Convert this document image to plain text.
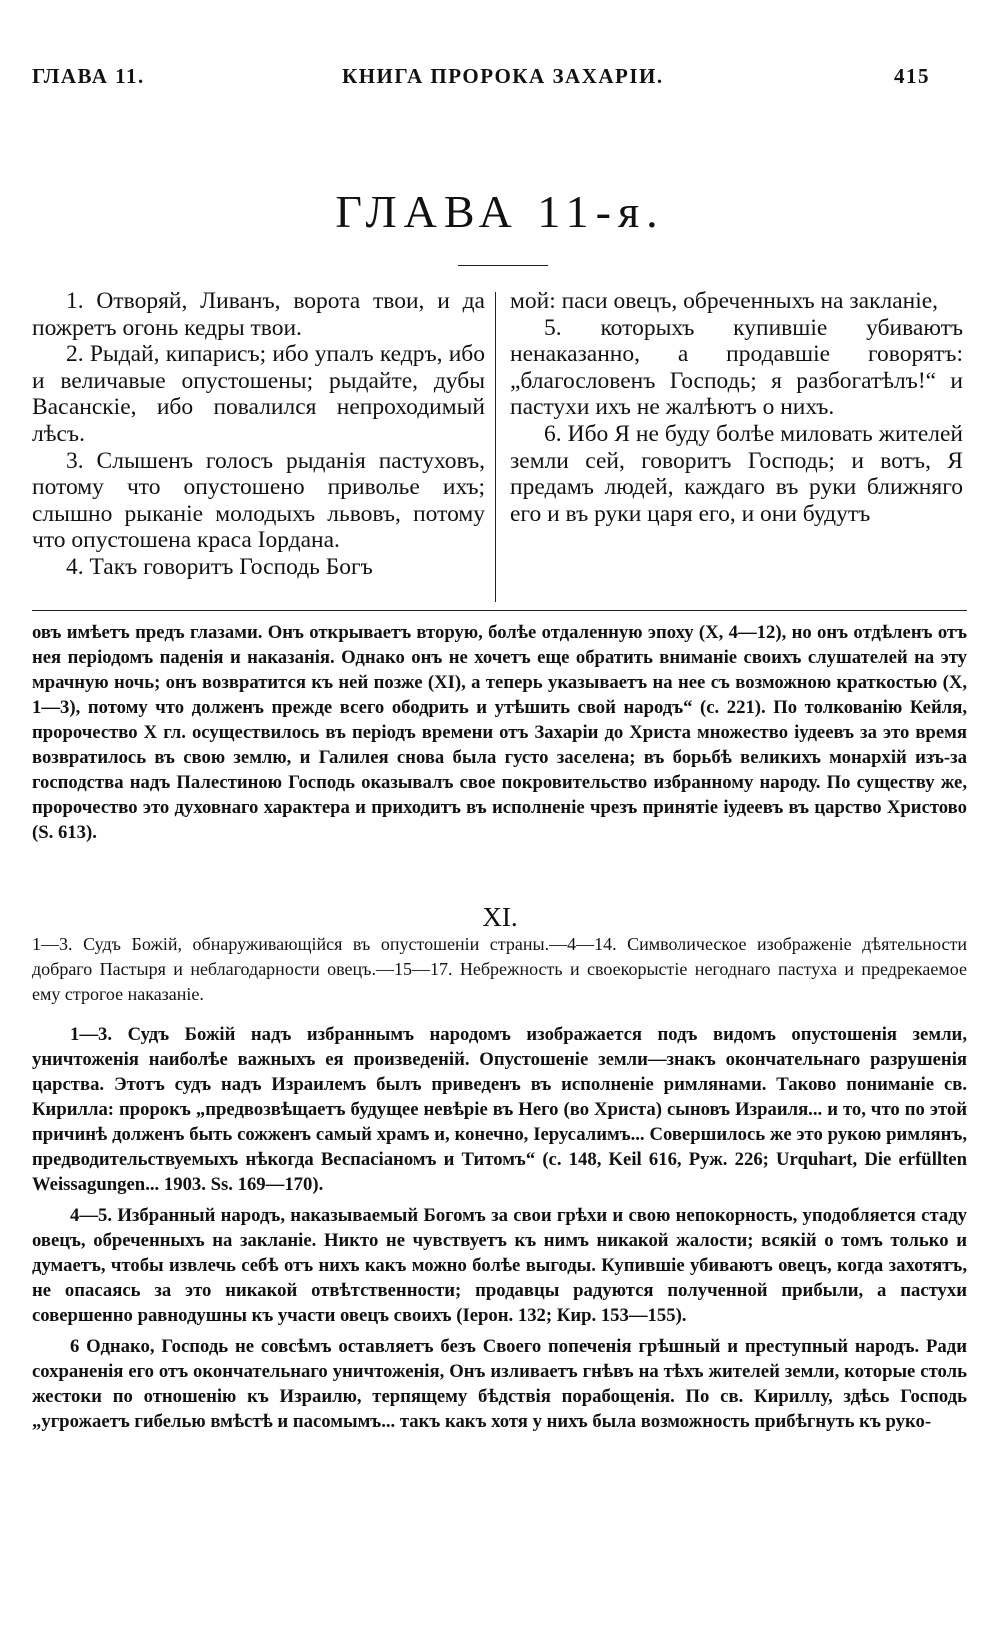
ГЛАВА 11.	КНИГА ПРОРОКА ЗАХАРIИ.	415
ГЛАВА 11-я.

1. Отворяй, Ливанъ, ворота твои, и да пожретъ огонь кедры твои.

2. Рыдай, кипарисъ; ибо упалъ кедръ, ибо и величавые опустошены; рыдайте, дубы Васанскiе, ибо повалился непроходимый лѣсъ.

3. Слышенъ голосъ рыданiя пастуховъ, потому что опустошено приволье ихъ; слышно рыканiе молодыхъ львовъ, потому что опустошена краса Iордана.

4. Такъ говоритъ Господь Богъ

мой: паси овецъ, обреченныхъ на закланiе,

5. которыхъ купившiе убиваютъ ненаказанно, а продавшiе говорятъ: „благословенъ Господь; я разбогатѣлъ!“ и пастухи ихъ не жалѣютъ о нихъ.

6. Ибо Я не буду болѣе миловать жителей земли сей, говоритъ Господь; и вотъ, Я предамъ людей, каждаго въ руки ближняго его и въ руки царя его, и они будутъ

овъ имѣетъ предъ глазами. Онъ открываетъ вторую, болѣе отдаленную эпоху (X, 4—12), но онъ отдѣленъ отъ нея перiодомъ паденiя и наказанiя. Однако онъ не хочетъ еще обратить вниманiе своихъ слушателей на эту мрачную ночь; онъ возвратится къ ней позже (XI), а теперь указываетъ на нее съ возможною краткостью (X, 1—3), потому что долженъ прежде всего ободрить и утѣшить свой народъ“ (с. 221). По толкованiю Кейля, пророчество X гл. осуществилось въ перiодъ времени отъ Захарiи до Христа множество iудеевъ за это время возвратилось въ свою землю, и Галилея снова была густо заселена; въ борьбѣ великихъ монархiй изъ-за господства надъ Палестиною Господь оказывалъ свое покровительство избранному народу. По существу же, пророчество это духовнаго характера и приходитъ въ исполненiе чрезъ принятiе iудеевъ въ царство Христово (S. 613).

XI.

1—3. Судъ Божiй, обнаруживающiйся въ опустошенiи страны.—4—14. Символическое изображенiе дѣятельности добраго Пастыря и неблагодарности овецъ.—15—17. Небрежность и своекорыстiе негоднаго пастуха и предрекаемое ему строгое наказанiе.

1—3. Судъ Божiй надъ избраннымъ народомъ изображается подъ видомъ опустошенiя земли, уничтоженiя наиболѣе важныхъ ея произведенiй. Опустошенiе земли—знакъ окончательнаго разрушенiя царства. Этотъ судъ надъ Израилемъ былъ приведенъ въ исполненiе римлянами. Таково пониманiе св. Кирилла: пророкъ „предвозвѣщаетъ будущее невѣрiе въ Него (во Христа) сыновъ Израиля... и то, что по этой причинѣ долженъ быть сожженъ самый храмъ и, конечно, Iерусалимъ... Совершилось же это рукою римлянъ, предводительствуемыхъ нѣкогда Веспасiаномъ и Титомъ“ (с. 148, Keil 616, Руж. 226; Urquhart, Die erfüllten Weissagungen... 1903. Ss. 169—170).

4—5. Избранный народъ, наказываемый Богомъ за свои грѣхи и свою непокорность, уподобляется стаду овецъ, обреченныхъ на закланiе. Никто не чувствуетъ къ нимъ никакой жалости; всякiй о томъ только и думаетъ, чтобы извлечь себѣ отъ нихъ какъ можно болѣе выгоды. Купившiе убиваютъ овецъ, когда захотятъ, не опасаясь за это никакой отвѣтственности; продавцы радуются полученной прибыли, а пастухи совершенно равнодушны къ участи овецъ своихъ (Iерон. 132; Кир. 153—155).

6 Однако, Господь не совсѣмъ оставляетъ безъ Своего попеченiя грѣшный и преступный народъ. Ради сохраненiя его отъ окончательнаго уничтоженiя, Онъ изливаетъ гнѣвъ на тѣхъ жителей земли, которые столь жестоки по отношенiю къ Израилю, терпящему бѣдствiя порабощенiя. По св. Кириллу, здѣсь Господь „угрожаетъ гибелью вмѣстѣ и пасомымъ... такъ какъ хотя у нихъ была возможность прибѣгнуть къ руко-
